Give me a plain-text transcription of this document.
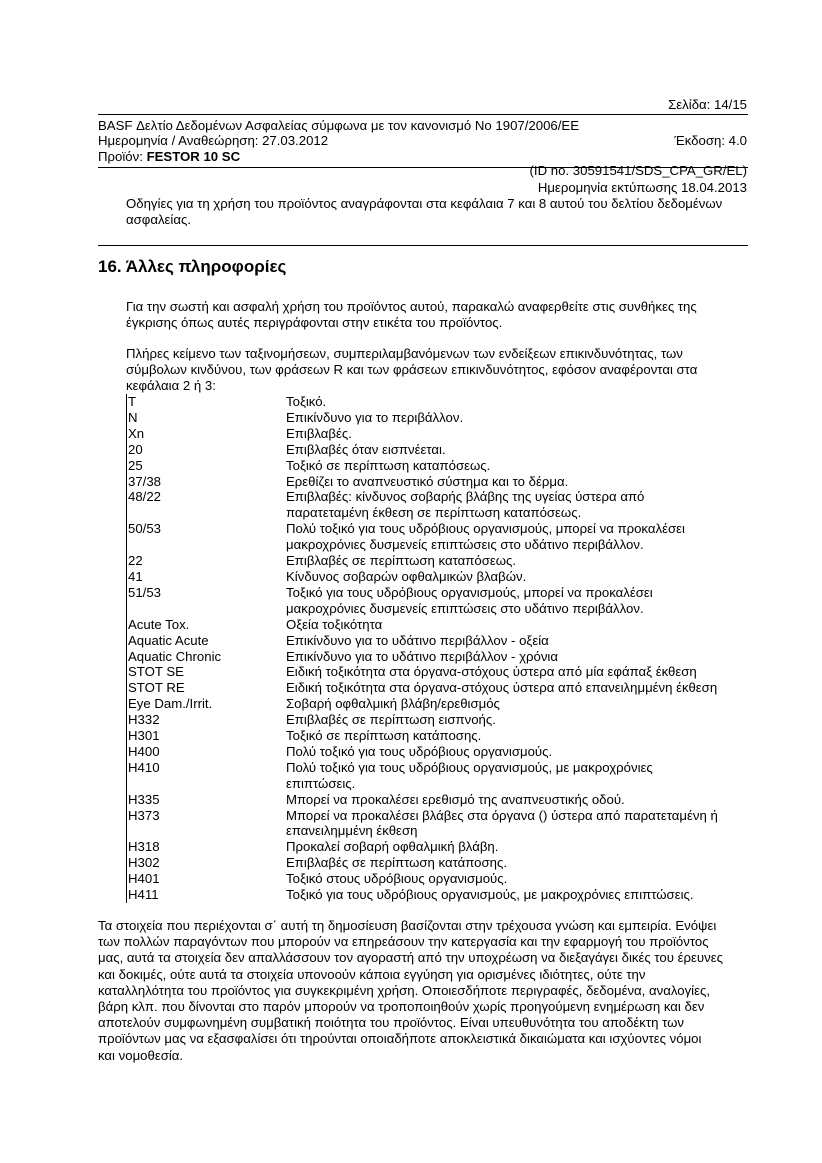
Σελίδα: 14/15
BASF Δελτίο Δεδομένων Ασφαλείας σύμφωνα με τον κανονισμό Νο 1907/2006/ΕΕ
Ημερομηνία / Αναθεώρηση: 27.03.2012	Έκδοση: 4.0
Προϊόν: FESTOR 10 SC
(ID no. 30591541/SDS_CPA_GR/EL)
Ημερομηνία εκτύπωσης 18.04.2013
Οδηγίες για τη χρήση του προϊόντος αναγράφονται στα κεφάλαια 7 και 8 αυτού του δελτίου δεδομένων
ασφαλείας.
16. Άλλες πληροφορίες
Για την σωστή και ασφαλή χρήση του προϊόντος αυτού, παρακαλώ αναφερθείτε στις συνθήκες της
έγκρισης όπως αυτές περιγράφονται στην ετικέτα του προϊόντος.
Πλήρες κείμενο των ταξινομήσεων, συμπεριλαμβανόμενων των ενδείξεων επικινδυνότητας, των
σύμβολων κινδύνου, των φράσεων R και των φράσεων επικινδυνότητος, εφόσον αναφέρονται στα
κεφάλαια 2 ή 3:
T	Τοξικό.
N	Επικίνδυνο για το περιβάλλον.
Xn	Επιβλαβές.
20	Επιβλαβές όταν εισπνέεται.
25	Τοξικό σε περίπτωση καταπόσεως.
37/38	Ερεθίζει το αναπνευστικό σύστημα και το δέρμα.
48/22	Επιβλαβές: κίνδυνος σοβαρής βλάβης της υγείας ύστερα από
παρατεταμένη έκθεση σε περίπτωση καταπόσεως.
50/53	Πολύ τοξικό για τους υδρόβιους οργανισμούς, μπορεί να προκαλέσει
μακροχρόνιες δυσμενείς επιπτώσεις στο υδάτινο περιβάλλον.
22	Επιβλαβές σε περίπτωση καταπόσεως.
41	Κίνδυνος σοβαρών οφθαλμικών βλαβών.
51/53	Τοξικό για τους υδρόβιους οργανισμούς, μπορεί να προκαλέσει
μακροχρόνιες δυσμενείς επιπτώσεις στο υδάτινο περιβάλλον.
Acute Tox.	Οξεία τοξικότητα
Aquatic Acute	Επικίνδυνο για το υδάτινο περιβάλλον - οξεία
Aquatic Chronic	Επικίνδυνο για το υδάτινο περιβάλλον - χρόνια
STOT SE	Ειδική τοξικότητα στα όργανα-στόχους ύστερα από μία εφάπαξ έκθεση
STOT RE	Ειδική τοξικότητα στα όργανα-στόχους ύστερα από επανειλημμένη έκθεση
Eye Dam./Irrit.	Σοβαρή οφθαλμική βλάβη/ερεθισμός
H332	Επιβλαβές σε περίπτωση εισπνοής.
H301	Τοξικό σε περίπτωση κατάποσης.
H400	Πολύ τοξικό για τους υδρόβιους οργανισμούς.
H410	Πολύ τοξικό για τους υδρόβιους οργανισμούς, με μακροχρόνιες
επιπτώσεις.
H335	Μπορεί να προκαλέσει ερεθισμό της αναπνευστικής οδού.
H373	Μπορεί να προκαλέσει βλάβες στα όργανα () ύστερα από παρατεταμένη ή
επανειλημμένη έκθεση
H318	Προκαλεί σοβαρή οφθαλμική βλάβη.
H302	Επιβλαβές σε περίπτωση κατάποσης.
H401	Τοξικό στους υδρόβιους οργανισμούς.
H411	Τοξικό για τους υδρόβιους οργανισμούς, με μακροχρόνιες επιπτώσεις.
Τα στοιχεία που περιέχονται σ΄ αυτή τη δημοσίευση βασίζονται στην τρέχουσα γνώση και εμπειρία. Ενόψει
των πολλών παραγόντων που μπορούν να επηρεάσουν την κατεργασία και την εφαρμογή του προϊόντος
μας, αυτά τα στοιχεία δεν απαλλάσσουν τον αγοραστή από την υποχρέωση να διεξαγάγει δικές του έρευνες
και δοκιμές, ούτε αυτά τα στοιχεία υπονοούν κάποια εγγύηση για ορισμένες ιδιότητες, ούτε την
καταλληλότητα του προϊόντος για συγκεκριμένη χρήση. Οποιεσδήποτε περιγραφές, δεδομένα, αναλογίες,
βάρη κλπ. που δίνονται στο παρόν μπορούν να τροποποιηθούν χωρίς προηγούμενη ενημέρωση και δεν
αποτελούν συμφωνημένη συμβατική ποιότητα του προϊόντος. Είναι υπευθυνότητα του αποδέκτη των
προϊόντων μας να εξασφαλίσει ότι τηρούνται οποιαδήποτε αποκλειστικά δικαιώματα και ισχύοντες νόμοι
και νομοθεσία.
